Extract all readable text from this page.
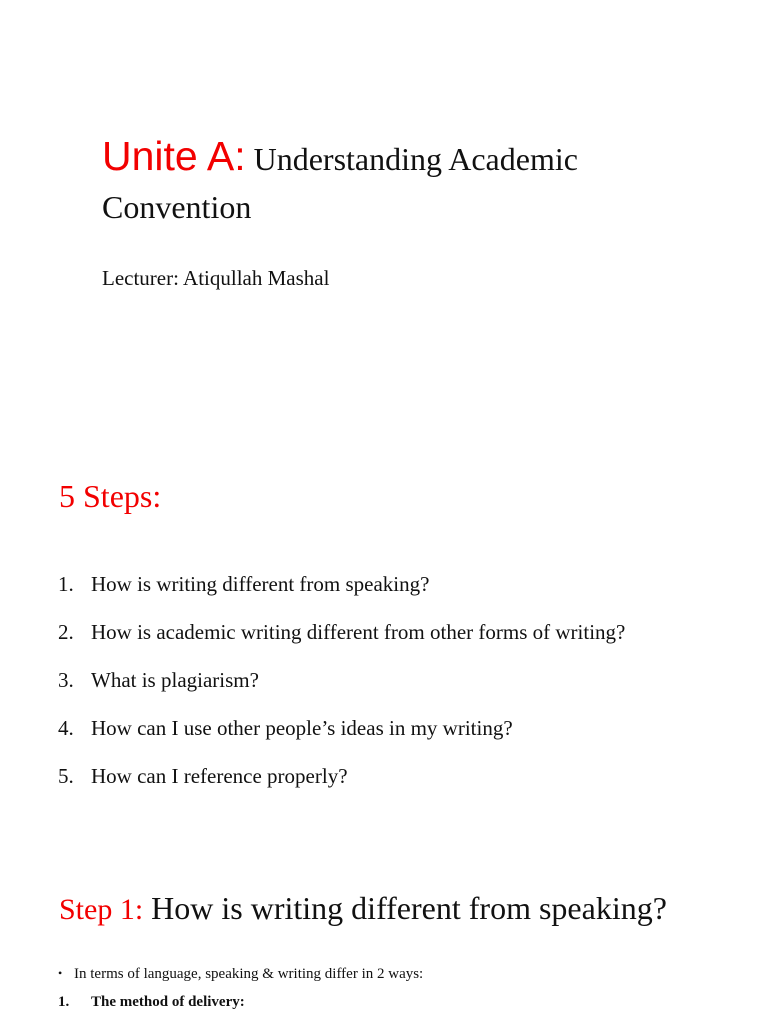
Unite A: Understanding Academic Convention
Lecturer: Atiqullah Mashal
5 Steps:
1. How is writing different from speaking?
2. How is academic writing different from other forms of writing?
3. What is plagiarism?
4. How can I use other people’s ideas in my writing?
5. How can I reference properly?
Step 1: How is writing different from speaking?
• In terms of language, speaking & writing differ in 2 ways:
1.	The method of delivery:
